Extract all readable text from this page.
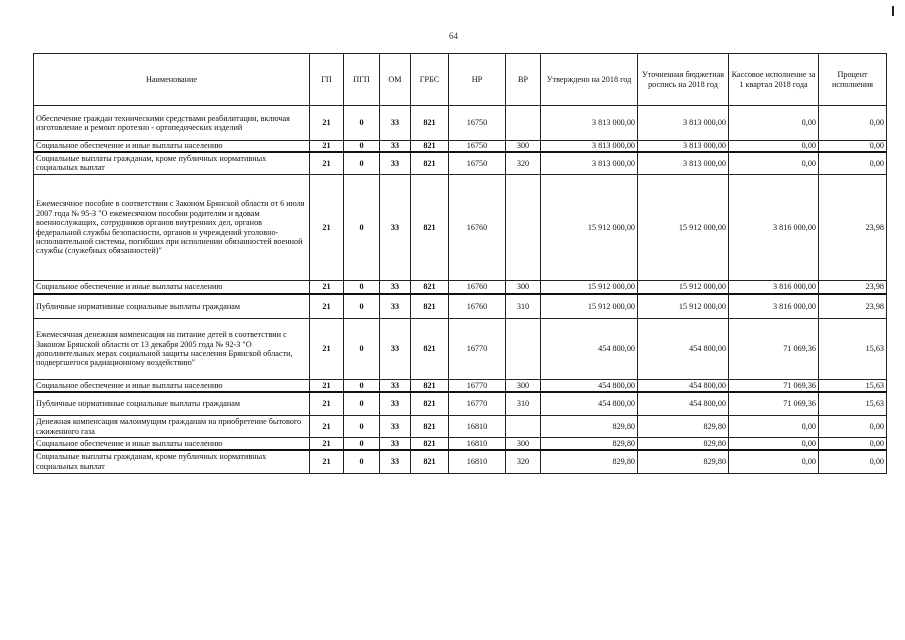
64
Наименование	ГП	ПГП	ОМ	ГРБС	НР	ВР	Утверждено на 2018 год	Уточненная бюджетная роспись на 2018 год	Кассовое исполнение за 1 квартал 2018 года	Процент исполнения
Обеспечение граждан техническими средствами реабилитации, включая изготовление и ремонт протезно - ортопедических изделий	21	0	33	821	16750		3 813 000,00	3 813 000,00	0,00	0,00
Социальное обеспечение и иные выплаты населению	21	0	33	821	16750	300	3 813 000,00	3 813 000,00	0,00	0,00
Социальные выплаты гражданам, кроме публичных нормативных социальных выплат	21	0	33	821	16750	320	3 813 000,00	3 813 000,00	0,00	0,00
Ежемесячное пособие в соответствии с Законом Брянской области от 6 июля 2007 года № 95-З "О ежемесячном пособии родителям и вдовам военнослужащих, сотрудников органов внутренних дел, органов федеральной службы безопасности, органов и учреждений уголовно-исполнительной системы, погибших при исполнении обязанностей военной службы (служебных обязанностей)"	21	0	33	821	16760		15 912 000,00	15 912 000,00	3 816 000,00	23,98
Социальное обеспечение и иные выплаты населению	21	0	33	821	16760	300	15 912 000,00	15 912 000,00	3 816 000,00	23,98
Публичные нормативные социальные выплаты гражданам	21	0	33	821	16760	310	15 912 000,00	15 912 000,00	3 816 000,00	23,98
Ежемесячная денежная компенсация на питание детей в соответствии с Законом Брянской области от 13 декабря 2005 года № 92-З "О дополнительных мерах социальной защиты населения Брянской области, подвергшегося радиационному воздействию"	21	0	33	821	16770		454 800,00	454 800,00	71 069,36	15,63
Социальное обеспечение и иные выплаты населению	21	0	33	821	16770	300	454 800,00	454 800,00	71 069,36	15,63
Публичные нормативные социальные выплаты гражданам	21	0	33	821	16770	310	454 800,00	454 800,00	71 069,36	15,63
Денежная компенсация малоимущим гражданам на приобретение бытового сжиженного газа	21	0	33	821	16810		829,80	829,80	0,00	0,00
Социальное обеспечение и иные выплаты населению	21	0	33	821	16810	300	829,80	829,80	0,00	0,00
Социальные выплаты гражданам, кроме публичных нормативных социальных выплат	21	0	33	821	16810	320	829,80	829,80	0,00	0,00
